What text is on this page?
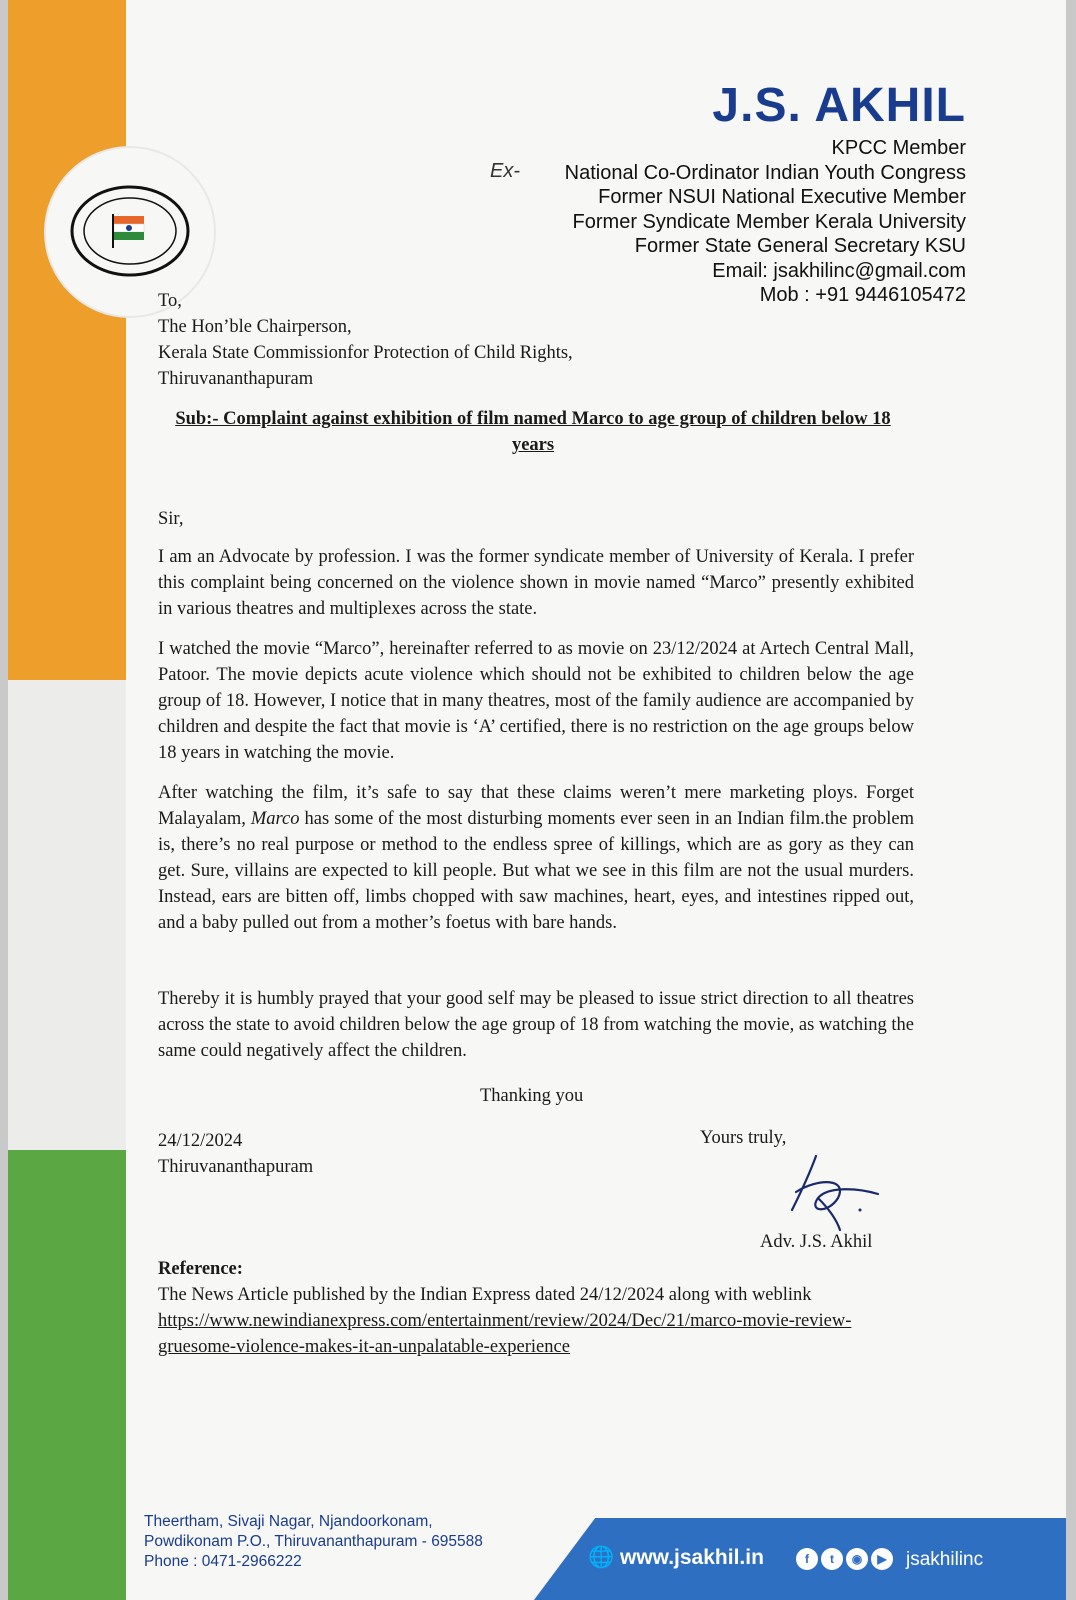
J.S. AKHIL
Ex-
KPCC Member
National Co-Ordinator Indian Youth Congress
Former NSUI National Executive Member
Former Syndicate Member Kerala University
Former State General Secretary KSU
Email: jsakhilinc@gmail.com
Mob : +91 9446105472
To,
The Hon’ble Chairperson,
Kerala State Commissionfor Protection of Child Rights,
Thiruvananthapuram
Sub:- Complaint against exhibition of film named Marco to age group of children below 18 years
Sir,
I am an Advocate by profession. I was the former syndicate member of University of Kerala. I prefer this complaint being concerned on the violence shown in movie named “Marco” presently exhibited in various theatres and multiplexes across the state.
I watched the movie “Marco”, hereinafter referred to as movie on 23/12/2024 at Artech Central Mall, Patoor. The movie depicts acute violence which should not be exhibited to children below the age group of 18. However, I notice that in many theatres, most of the family audience are accompanied by children and despite the fact that movie is ‘A’ certified, there is no restriction on the age groups below 18 years in watching the movie.
After watching the film, it’s safe to say that these claims weren’t mere marketing ploys. Forget Malayalam, Marco has some of the most disturbing moments ever seen in an Indian film.the problem is, there’s no real purpose or method to the endless spree of killings, which are as gory as they can get. Sure, villains are expected to kill people. But what we see in this film are not the usual murders. Instead, ears are bitten off, limbs chopped with saw machines, heart, eyes, and intestines ripped out, and a baby pulled out from a mother’s foetus with bare hands.
Thereby it is humbly prayed that your good self may be pleased to issue strict direction to all theatres across the state to avoid children below the age group of 18 from watching the movie, as watching the same could negatively affect the children.
Thanking you
24/12/2024
Thiruvananthapuram
Yours truly,
Adv. J.S. Akhil
Reference:
The News Article published by the Indian Express dated 24/12/2024 along with weblink
https://www.newindianexpress.com/entertainment/review/2024/Dec/21/marco-movie-review-gruesome-violence-makes-it-an-unpalatable-experience
Theertham, Sivaji Nagar, Njandoorkonam,
Powdikonam P.O., Thiruvananthapuram - 695588
Phone : 0471-2966222	🌐 www.jsakhil.in	f	t	◉	▶	jsakhilinc
